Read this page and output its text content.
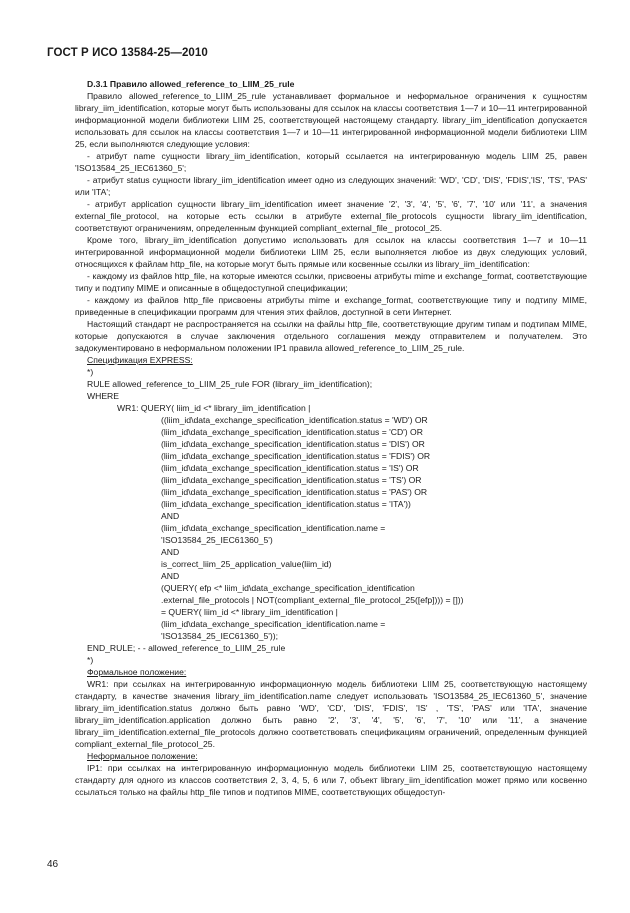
ГОСТ Р ИСО 13584-25—2010

D.3.1 Правило allowed_reference_to_LIIM_25_rule

Правило allowed_reference_to_LIIM_25_rule устанавливает формальное и неформальное ограничения к сущностям library_iim_identification, которые могут быть использованы для ссылок на классы соответствия 1—7 и 10—11 интегрированной информационной модели библиотеки LIIM 25, соответствующей настоящему стандарту. library_iim_identification допускается использовать для ссылок на классы соответствия 1—7 и 10—11 интегрированной информационной модели библиотеки LIIM 25, если выполняются следующие условия:

- атрибут name сущности library_iim_identification, который ссылается на интегрированную модель LIIM 25, равен 'ISO13584_25_IEC61360_5';

- атрибут status сущности library_iim_identification имеет одно из следующих значений: 'WD', 'CD', 'DIS', 'FDIS','IS', 'TS', 'PAS' или 'ITA';

- атрибут application сущности library_iim_identification имеет значение '2', '3', '4', '5', '6', '7', '10' или '11', а значения external_file_protocol, на которые есть ссылки в атрибуте external_file_protocols сущности library_iim_identification, соответствуют ограничениям, определенным функцией compliant_external_file_ protocol_25.

Кроме того, library_iim_identification допустимо использовать для ссылок на классы соответствия 1—7 и 10—11 интегрированной информационной модели библиотеки LIIM 25, если выполняется любое из двух следующих условий, относящихся к файлам http_file, на которые могут быть прямые или косвенные ссылки из library_iim_identification:

- каждому из файлов http_file, на которые имеются ссылки, присвоены атрибуты mime и exchange_format, соответствующие типу и подтипу MIME и описанные в общедоступной спецификации;

- каждому из файлов http_file присвоены атрибуты mime и exchange_format, соответствующие типу и подтипу MIME, приведенные в спецификации программ для чтения этих файлов, доступной в сети Интернет.

Настоящий стандарт не распространяется на ссылки на файлы http_file, соответствующие другим типам и подтипам MIME, которые допускаются в случае заключения отдельного соглашения между отправителем и получателем. Это задокументировано в неформальном положении IP1 правила allowed_reference_to_LIIM_25_rule.

Спецификация EXPRESS:

*)
RULE allowed_reference_to_LIIM_25_rule FOR (library_iim_identification);
WHERE
WR1: QUERY( liim_id <* library_iim_identification |
((liim_id\data_exchange_specification_identification.status = 'WD') OR
(liim_id\data_exchange_specification_identification.status = 'CD') OR
(liim_id\data_exchange_specification_identification.status = 'DIS') OR
(liim_id\data_exchange_specification_identification.status = 'FDIS') OR
(liim_id\data_exchange_specification_identification.status = 'IS') OR
(liim_id\data_exchange_specification_identification.status = 'TS') OR
(liim_id\data_exchange_specification_identification.status = 'PAS') OR
(liim_id\data_exchange_specification_identification.status = 'ITA'))
AND
(liim_id\data_exchange_specification_identification.name =
'ISO13584_25_IEC61360_5')
AND
is_correct_liim_25_application_value(liim_id)
AND
(QUERY( efp <* liim_id\data_exchange_specification_identification
.external_file_protocols | NOT(compliant_external_file_protocol_25([efp]))) = []))
= QUERY( liim_id <* library_iim_identification |
(liim_id\data_exchange_specification_identification.name =
'ISO13584_25_IEC61360_5'));
END_RULE; - - allowed_reference_to_LIIM_25_rule
*)

Формальное положение:

WR1: при ссылках на интегрированную информационную модель библиотеки LIIM 25, соответствующую настоящему стандарту, в качестве значения library_iim_identification.name следует использовать 'ISO13584_25_IEC61360_5', значение library_iim_identification.status должно быть равно 'WD', 'CD', 'DIS', 'FDIS', 'IS' , 'TS', 'PAS' или 'ITA', значение library_iim_identification.application должно быть равно '2', '3', '4', '5', '6', '7', '10' или '11', а значение library_iim_identification.external_file_protocols должно соответствовать спецификациям ограничений, определенным функцией compliant_external_file_protocol_25.

Неформальное положение:

IP1: при ссылках на интегрированную информационную модель библиотеки LIIM 25, соответствующую настоящему стандарту для одного из классов соответствия 2, 3, 4, 5, 6 или 7, объект library_iim_identification может прямо или косвенно ссылаться только на файлы http_file типов и подтипов MIME, соответствующих общедоступ-

46
